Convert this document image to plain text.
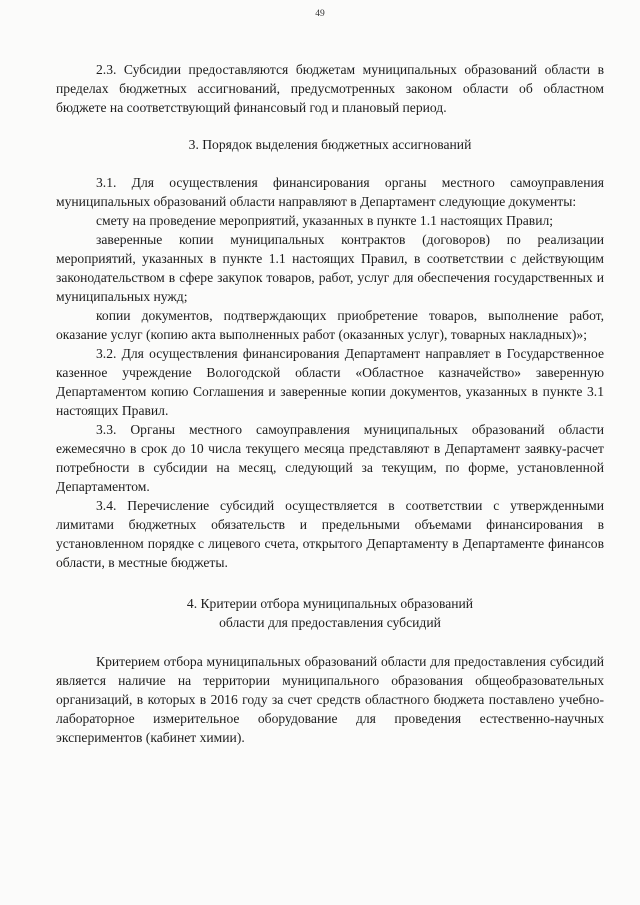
49

2.3. Субсидии предоставляются бюджетам муниципальных образований области в пределах бюджетных ассигнований, предусмотренных законом области об областном бюджете на соответствующий финансовый год и плановый период.

3. Порядок выделения бюджетных ассигнований

3.1. Для осуществления финансирования органы местного самоуправления муниципальных образований области направляют в Департамент следующие документы:

смету на проведение мероприятий, указанных в пункте 1.1 настоящих Правил;

заверенные копии муниципальных контрактов (договоров) по реализации мероприятий, указанных в пункте 1.1 настоящих Правил, в соответствии с действующим законодательством в сфере закупок товаров, работ, услуг для обеспечения государственных и муниципальных нужд;

копии документов, подтверждающих приобретение товаров, выполнение работ, оказание услуг (копию акта выполненных работ (оказанных услуг), товарных накладных)»;

3.2. Для осуществления финансирования Департамент направляет в Государственное казенное учреждение Вологодской области «Областное казначейство» заверенную Департаментом копию Соглашения и заверенные копии документов, указанных в пункте 3.1 настоящих Правил.

3.3. Органы местного самоуправления муниципальных образований области ежемесячно в срок до 10 числа текущего месяца представляют в Департамент заявку-расчет потребности в субсидии на месяц, следующий за текущим, по форме, установленной Департаментом.

3.4. Перечисление субсидий осуществляется в соответствии с утвержденными лимитами бюджетных обязательств и предельными объемами финансирования в установленном порядке с лицевого счета, открытого Департаменту в Департаменте финансов области, в местные бюджеты.

4. Критерии отбора муниципальных образований

области для предоставления субсидий

Критерием отбора муниципальных образований области для предоставления субсидий является наличие на территории муниципального образования общеобразовательных организаций, в которых в 2016 году за счет средств областного бюджета поставлено учебно-лабораторное измерительное оборудование для проведения естественно-научных экспериментов (кабинет химии).
